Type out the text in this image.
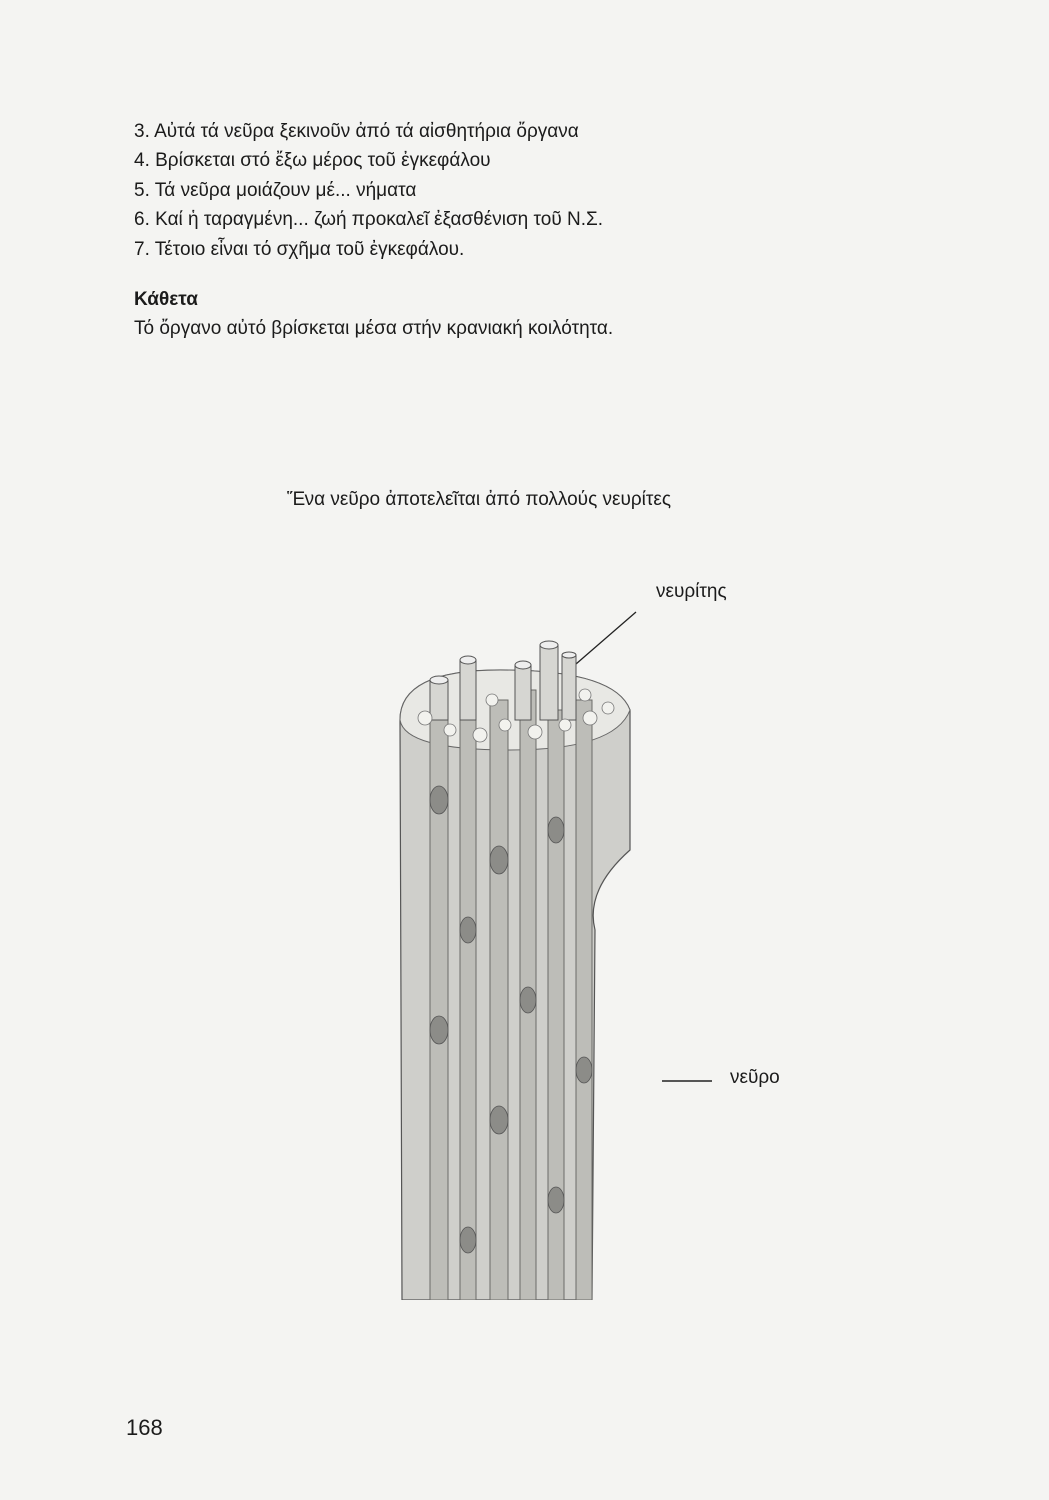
3. Αὐτά τά νεῦρα ξεκινοῦν ἀπό τά αἰσθητήρια ὄργανα
4. Βρίσκεται στό ἔξω μέρος τοῦ ἐγκεφάλου
5. Τά νεῦρα μοιάζουν μέ... νήματα
6. Καί ἡ ταραγμένη... ζωή προκαλεῖ ἐξασθένιση τοῦ Ν.Σ.
7. Τέτοιο εἶναι τό σχῆμα τοῦ ἐγκεφάλου.
Κάθετα
Τό ὄργανο αὐτό βρίσκεται μέσα στήν κρανιακή κοιλότητα.
Ἕνα νεῦρο ἀποτελεῖται ἀπό πολλούς νευρίτες
νευρίτης
νεῦρο
168
